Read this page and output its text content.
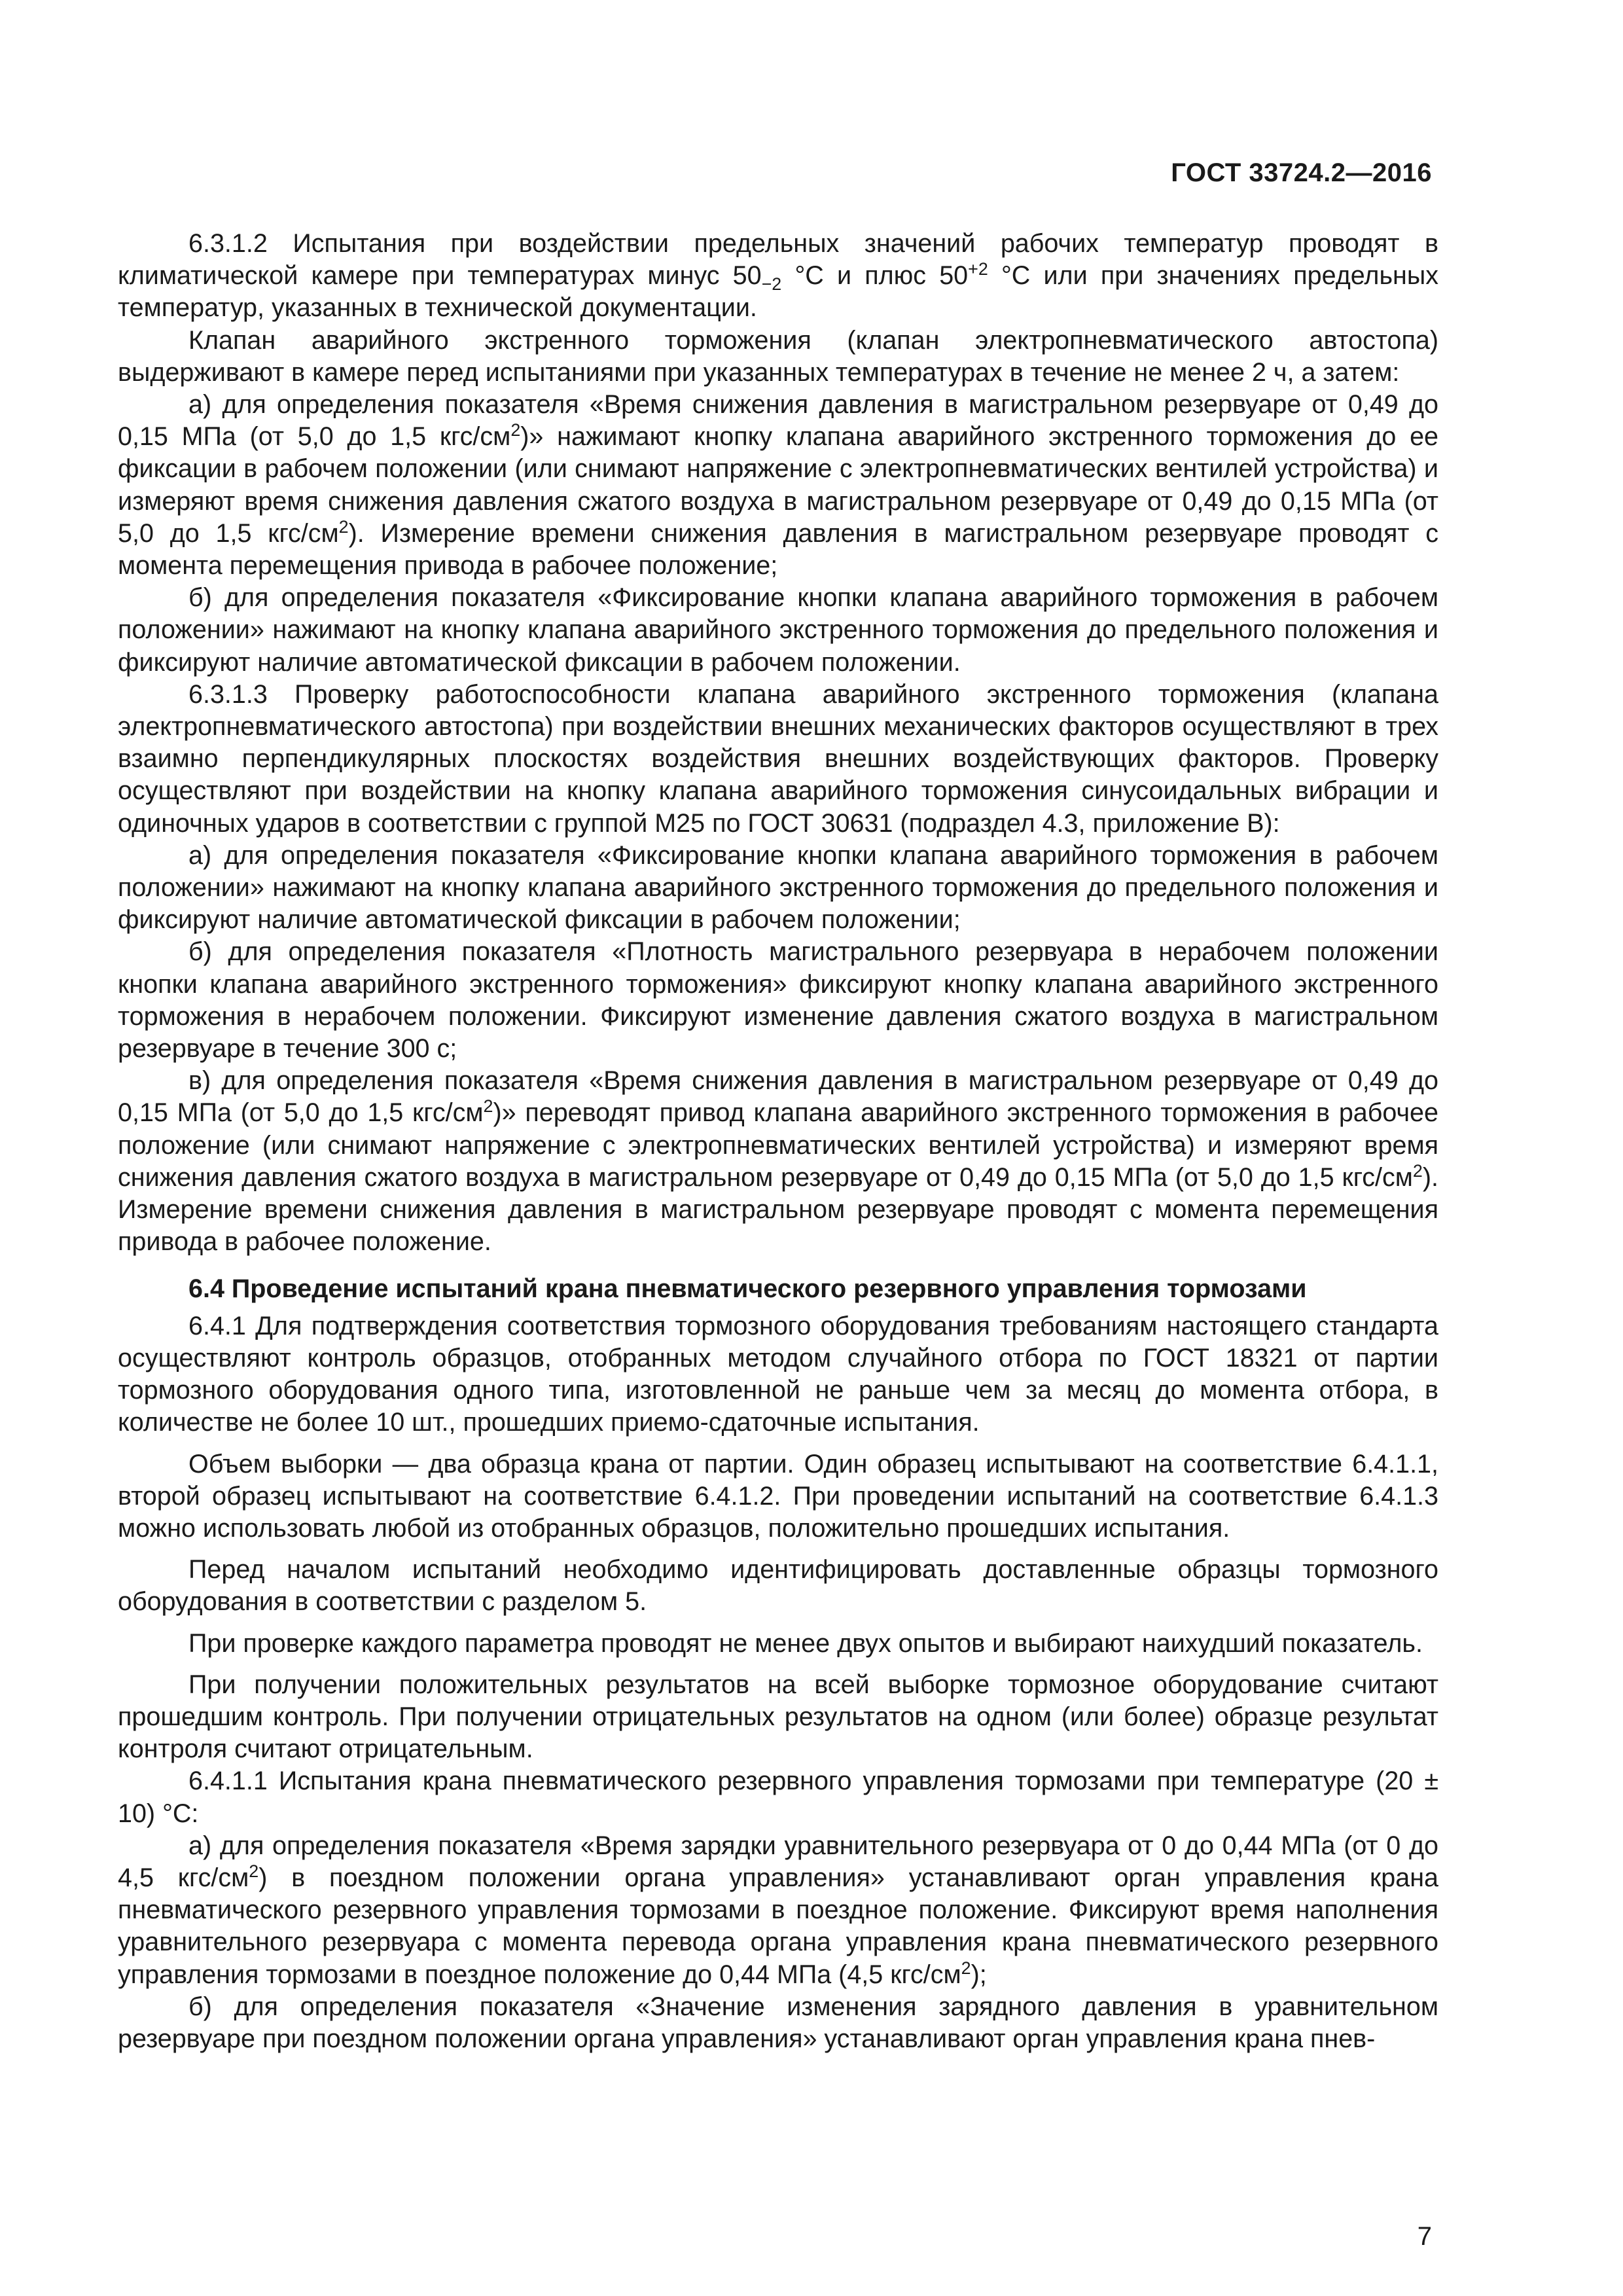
ГОСТ 33724.2—2016

6.3.1.2 Испытания при воздействии предельных значений рабочих температур проводят в климатической камере при температурах минус $50_{-2}$ °С и плюс $50^{+2}$ °С или при значениях предельных температур, указанных в технической документации.

Клапан аварийного экстренного торможения (клапан электропневматического автостопа) выдерживают в камере перед испытаниями при указанных температурах в течение не менее 2 ч, а затем:

а) для определения показателя «Время снижения давления в магистральном резервуаре от 0,49 до 0,15 МПа (от 5,0 до 1,5 кгс/$см^2$)» нажимают кнопку клапана аварийного экстренного торможения до ее фиксации в рабочем положении (или снимают напряжение с электропневматических вентилей устройства) и измеряют время снижения давления сжатого воздуха в магистральном резервуаре от 0,49 до 0,15 МПа (от 5,0 до 1,5 кгс/$см^2$). Измерение времени снижения давления в магистральном резервуаре проводят с момента перемещения привода в рабочее положение;

б) для определения показателя «Фиксирование кнопки клапана аварийного торможения в рабочем положении» нажимают на кнопку клапана аварийного экстренного торможения до предельного положения и фиксируют наличие автоматической фиксации в рабочем положении.

6.3.1.3 Проверку работоспособности клапана аварийного экстренного торможения (клапана электропневматического автостопа) при воздействии внешних механических факторов осуществляют в трех взаимно перпендикулярных плоскостях воздействия внешних воздействующих факторов. Проверку осуществляют при воздействии на кнопку клапана аварийного торможения синусоидальных вибрации и одиночных ударов в соответствии с группой М25 по ГОСТ 30631 (подраздел 4.3, приложение В):

а) для определения показателя «Фиксирование кнопки клапана аварийного торможения в рабочем положении» нажимают на кнопку клапана аварийного экстренного торможения до предельного положения и фиксируют наличие автоматической фиксации в рабочем положении;

б) для определения показателя «Плотность магистрального резервуара в нерабочем положении кнопки клапана аварийного экстренного торможения» фиксируют кнопку клапана аварийного экстренного торможения в нерабочем положении. Фиксируют изменение давления сжатого воздуха в магистральном резервуаре в течение 300 с;

в) для определения показателя «Время снижения давления в магистральном резервуаре от 0,49 до 0,15 МПа (от 5,0 до 1,5 кгс/$см^2$)» переводят привод клапана аварийного экстренного торможения в рабочее положение (или снимают напряжение с электропневматических вентилей устройства) и измеряют время снижения давления сжатого воздуха в магистральном резервуаре от 0,49 до 0,15 МПа (от 5,0 до 1,5 кгс/$см^2$). Измерение времени снижения давления в магистральном резервуаре проводят с момента перемещения привода в рабочее положение.

6.4 Проведение испытаний крана пневматического резервного управления тормозами

6.4.1 Для подтверждения соответствия тормозного оборудования требованиям настоящего стандарта осуществляют контроль образцов, отобранных методом случайного отбора по ГОСТ 18321 от партии тормозного оборудования одного типа, изготовленной не раньше чем за месяц до момента отбора, в количестве не более 10 шт., прошедших приемо-сдаточные испытания.

Объем выборки — два образца крана от партии. Один образец испытывают на соответствие 6.4.1.1, второй образец испытывают на соответствие 6.4.1.2. При проведении испытаний на соответствие 6.4.1.3 можно использовать любой из отобранных образцов, положительно прошедших испытания.

Перед началом испытаний необходимо идентифицировать доставленные образцы тормозного оборудования в соответствии с разделом 5.

При проверке каждого параметра проводят не менее двух опытов и выбирают наихудший показатель.

При получении положительных результатов на всей выборке тормозное оборудование считают прошедшим контроль. При получении отрицательных результатов на одном (или более) образце результат контроля считают отрицательным.

6.4.1.1 Испытания крана пневматического резервного управления тормозами при температуре (20 ± 10) °С:

а) для определения показателя «Время зарядки уравнительного резервуара от 0 до 0,44 МПа (от 0 до 4,5 кгс/$см^2$) в поездном положении органа управления» устанавливают орган управления крана пневматического резервного управления тормозами в поездное положение. Фиксируют время наполнения уравнительного резервуара с момента перевода органа управления крана пневматического резервного управления тормозами в поездное положение до 0,44 МПа (4,5 кгс/$см^2$);

б) для определения показателя «Значение изменения зарядного давления в уравнительном резервуаре при поездном положении органа управления» устанавливают орган управления крана пнев-

7
